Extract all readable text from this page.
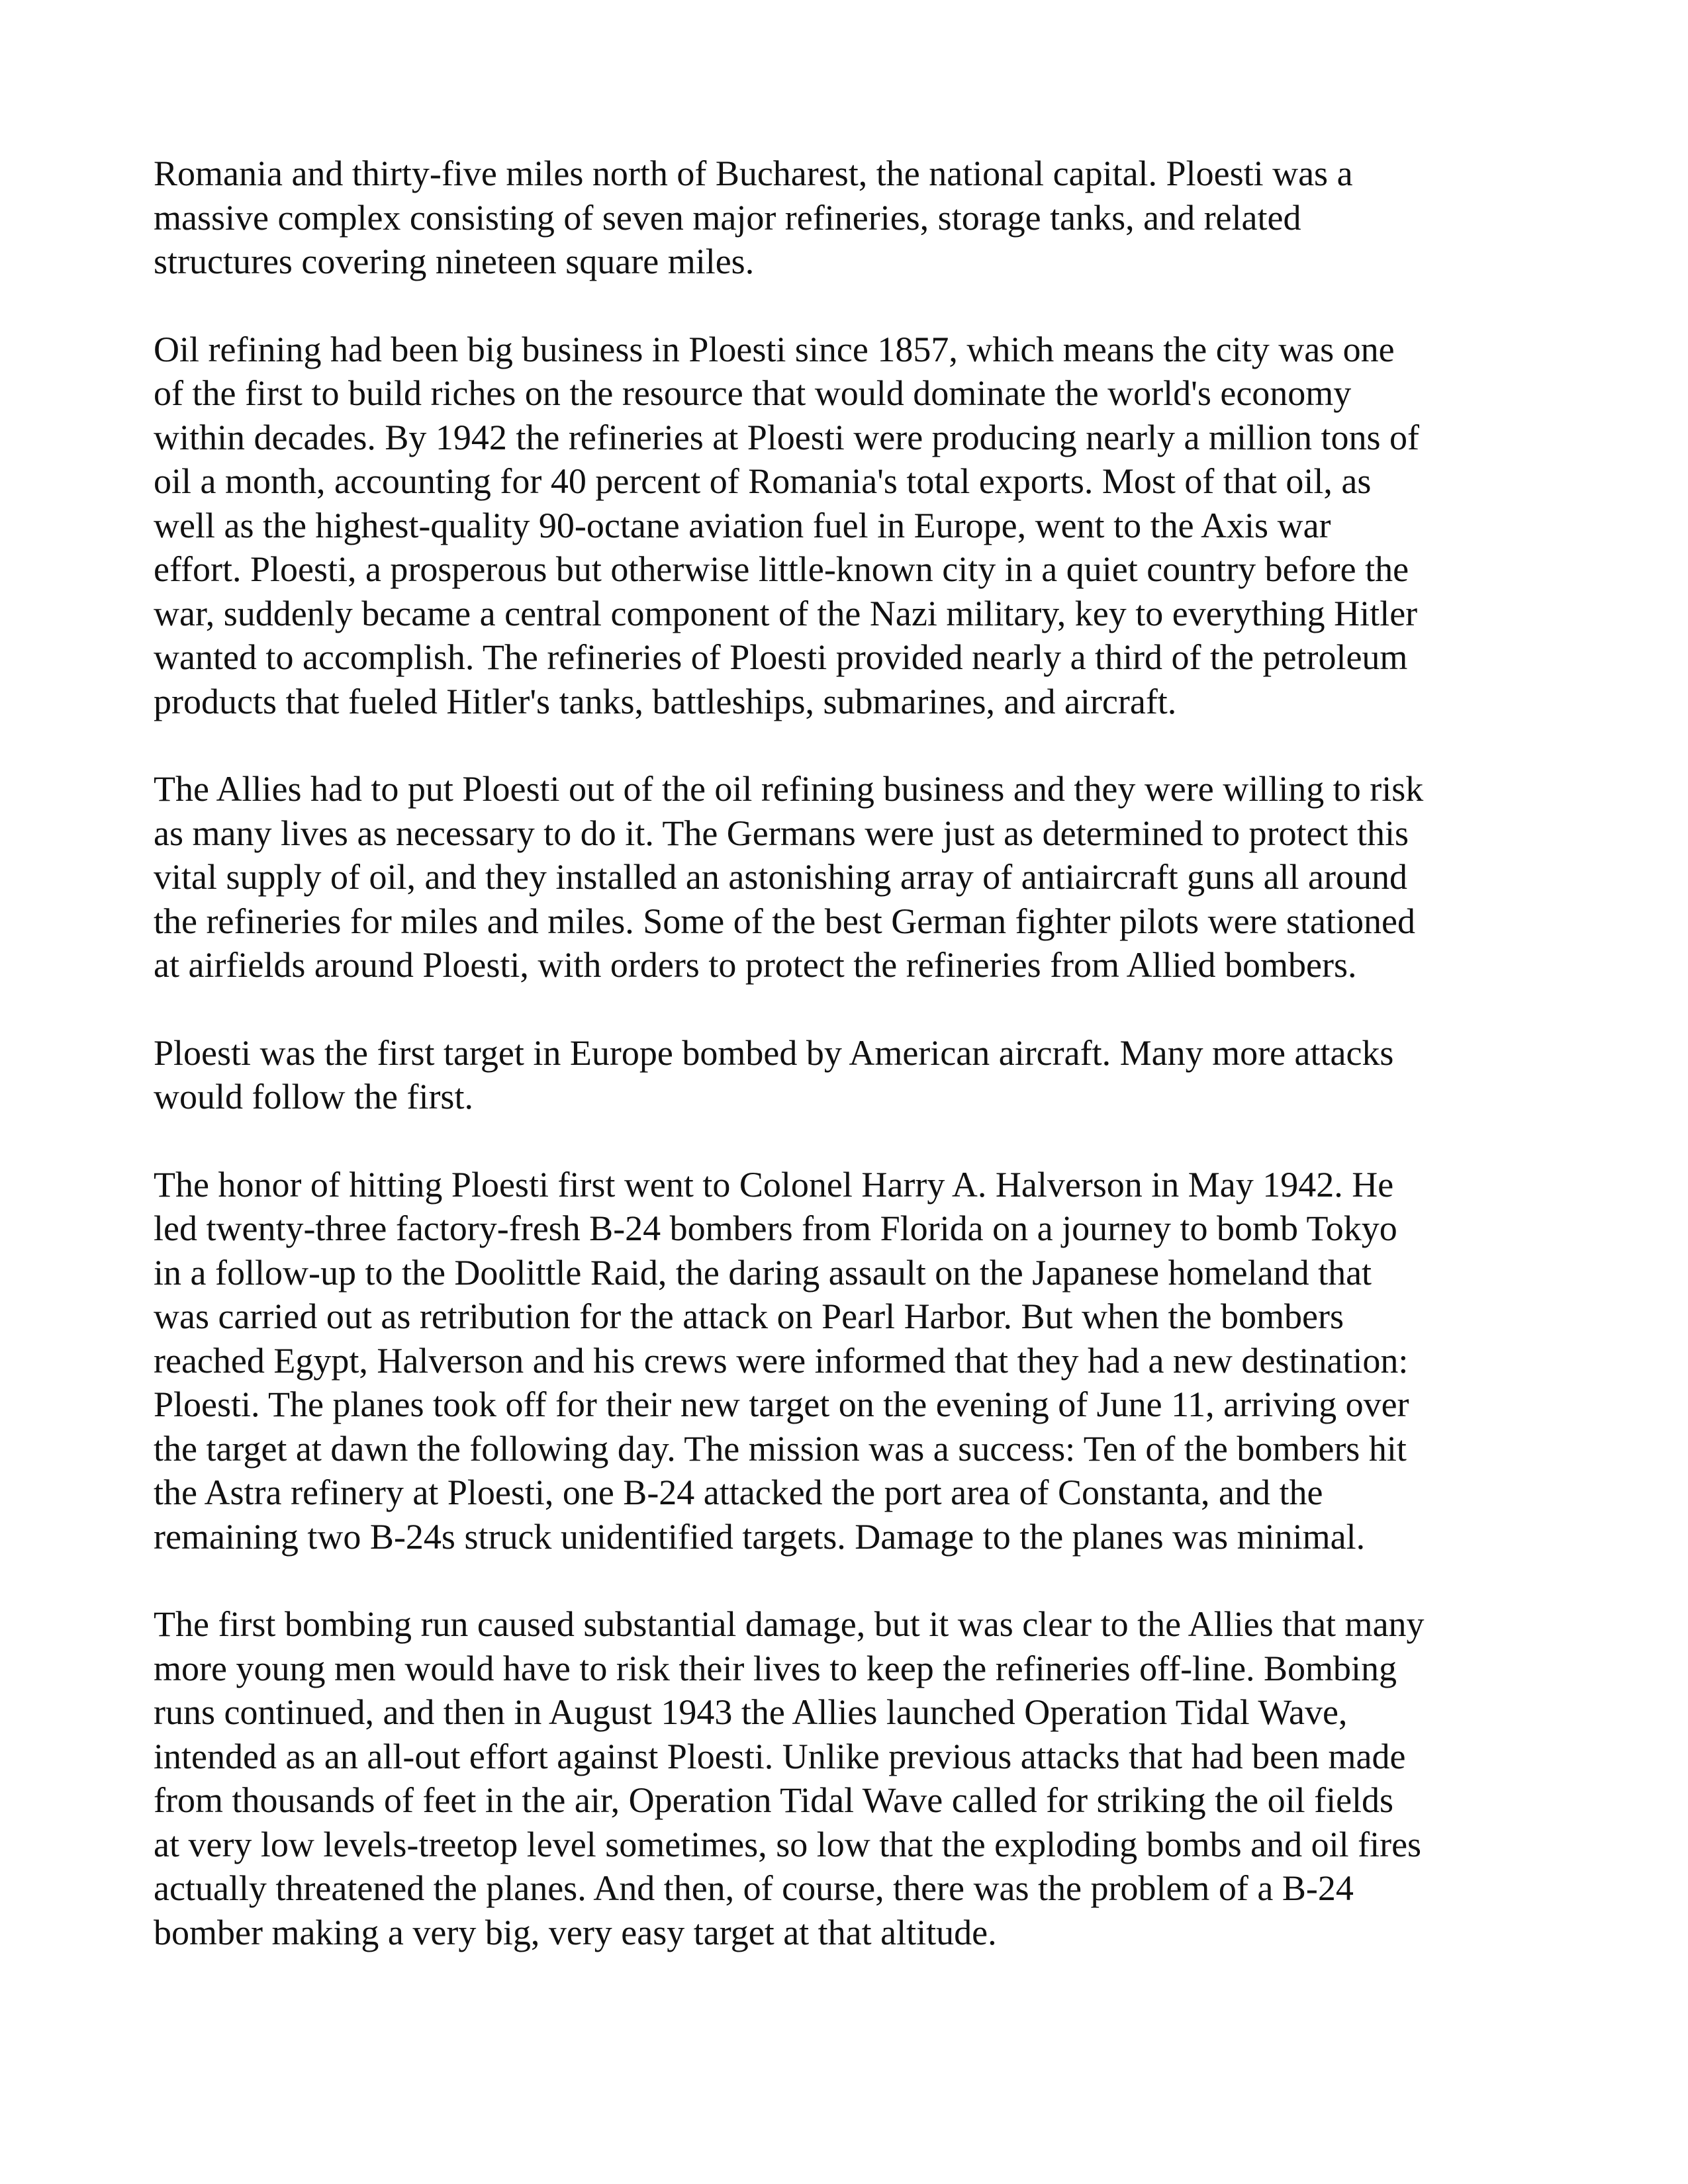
Romania and thirty-five miles north of Bucharest, the national capital. Ploesti was a
massive complex consisting of seven major refineries, storage tanks, and related
structures covering nineteen square miles.

Oil refining had been big business in Ploesti since 1857, which means the city was one
of the first to build riches on the resource that would dominate the world's economy
within decades. By 1942 the refineries at Ploesti were producing nearly a million tons of
oil a month, accounting for 40 percent of Romania's total exports. Most of that oil, as
well as the highest-quality 90-octane aviation fuel in Europe, went to the Axis war
effort. Ploesti, a prosperous but otherwise little-known city in a quiet country before the
war, suddenly became a central component of the Nazi military, key to everything Hitler
wanted to accomplish. The refineries of Ploesti provided nearly a third of the petroleum
products that fueled Hitler's tanks, battleships, submarines, and aircraft.

The Allies had to put Ploesti out of the oil refining business and they were willing to risk
as many lives as necessary to do it. The Germans were just as determined to protect this
vital supply of oil, and they installed an astonishing array of antiaircraft guns all around
the refineries for miles and miles. Some of the best German fighter pilots were stationed
at airfields around Ploesti, with orders to protect the refineries from Allied bombers.

Ploesti was the first target in Europe bombed by American aircraft. Many more attacks
would follow the first.

The honor of hitting Ploesti first went to Colonel Harry A. Halverson in May 1942. He
led twenty-three factory-fresh B-24 bombers from Florida on a journey to bomb Tokyo
in a follow-up to the Doolittle Raid, the daring assault on the Japanese homeland that
was carried out as retribution for the attack on Pearl Harbor. But when the bombers
reached Egypt, Halverson and his crews were informed that they had a new destination:
Ploesti. The planes took off for their new target on the evening of June 11, arriving over
the target at dawn the following day. The mission was a success: Ten of the bombers hit
the Astra refinery at Ploesti, one B-24 attacked the port area of Constanta, and the
remaining two B-24s struck unidentified targets. Damage to the planes was minimal.

The first bombing run caused substantial damage, but it was clear to the Allies that many
more young men would have to risk their lives to keep the refineries off-line. Bombing
runs continued, and then in August 1943 the Allies launched Operation Tidal Wave,
intended as an all-out effort against Ploesti. Unlike previous attacks that had been made
from thousands of feet in the air, Operation Tidal Wave called for striking the oil fields
at very low levels-treetop level sometimes, so low that the exploding bombs and oil fires
actually threatened the planes. And then, of course, there was the problem of a B-24
bomber making a very big, very easy target at that altitude.
